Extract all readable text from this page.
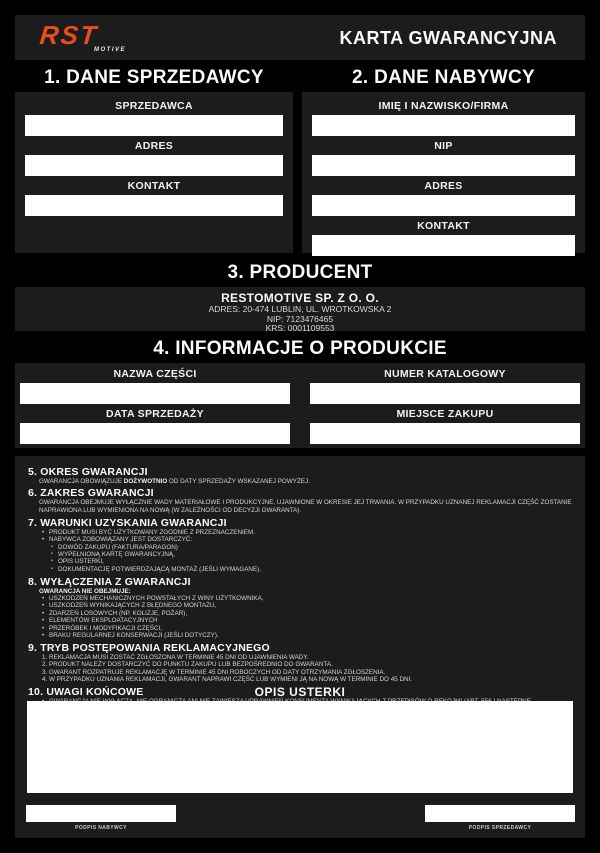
RST
MOTIVE
KARTA GWARANCYJNA
1. DANE SPRZEDAWCY	2. DANE NABYWCY
SPRZEDAWCA
ADRES
KONTAKT
IMIĘ I NAZWISKO/FIRMA
NIP
ADRES
KONTAKT
3. PRODUCENT
RESTOMOTIVE SP. Z O. O.
ADRES: 20-474 LUBLIN, UL. WROTKOWSKA 2
NIP: 7123476465
KRS: 0001109553
4. INFORMACJE O PRODUKCIE
NAZWA CZĘŚCI	NUMER KATALOGOWY
DATA SPRZEDAŻY	MIEJSCE ZAKUPU
5. OKRES GWARANCJI
GWARANCJA OBOWIĄZUJE DOŻYWOTNIO OD DATY SPRZEDAŻY WSKAZANEJ POWYŻEJ.
6. ZAKRES GWARANCJI
GWARANCJA OBEJMUJE WYŁĄCZNIE WADY MATERIAŁOWE I PRODUKCYJNE, UJAWNIONE W OKRESIE JEJ TRWANIA. W PRZYPADKU UZNANEJ REKLAMACJI CZĘŚĆ ZOSTANIE NAPRAWIONA LUB WYMIENIONA NA NOWĄ (W ZALEŻNOŚCI OD DECYZJI GWARANTA).
7. WARUNKI UZYSKANIA GWARANCJI
• PRODUKT MUSI BYĆ UŻYTKOWANY ZGODNIE Z PRZEZNACZENIEM.
• NABYWCA ZOBOWIĄZANY JEST DOSTARCZYĆ:
• DOWÓD ZAKUPU (FAKTURA/PARAGON)
• WYPEŁNIONĄ KARTĘ GWARANCYJNĄ,
• OPIS USTERKI,
• DOKUMENTACJĘ POTWIERDZAJĄCĄ MONTAŻ (JEŚLI WYMAGANE).
8. WYŁĄCZENIA Z GWARANCJI
GWARANCJA NIE OBEJMUJE:
• USZKODZEŃ MECHANICZNYCH POWSTAŁYCH Z WINY UŻYTKOWNIKA,
• USZKODZEŃ WYNIKAJĄCYCH Z BŁĘDNEGO MONTAŻU,
• ZDARZEŃ LOSOWYCH (NP. KOLIZJE, POŻAR),
• ELEMENTÓW EKSPLOATACYJNYCH
• PRZERÓBEK I MODYFIKACJI CZĘŚCI,
• BRAKU REGULARNEJ KONSERWACJI (JEŚLI DOTYCZY).
9. TRYB POSTĘPOWANIA REKLAMACYJNEGO
1. REKLAMACJA MUSI ZOSTAĆ ZGŁOSZONA W TERMINIE 45 DNI OD UJAWNIENIA WADY.
2. PRODUKT NALEŻY DOSTARCZYĆ DO PUNKTU ZAKUPU LUB BEZPOŚREDNIO DO GWARANTA.
3. GWARANT ROZPATRUJE REKLAMACJĘ W TERMINIE 45 DNI ROBOCZYCH OD DATY OTRZYMANIA ZGŁOSZENIA.
4. W PRZYPADKU UZNANIA REKLAMACJI, GWARANT NAPRAWI CZĘŚĆ LUB WYMIENI JĄ NA NOWĄ W TERMINIE DO 45 DNI.
10. UWAGI KOŃCOWE •	OPIS USTERKI
PODPIS NABYWCY	PODPIS SPRZEDAWCY
